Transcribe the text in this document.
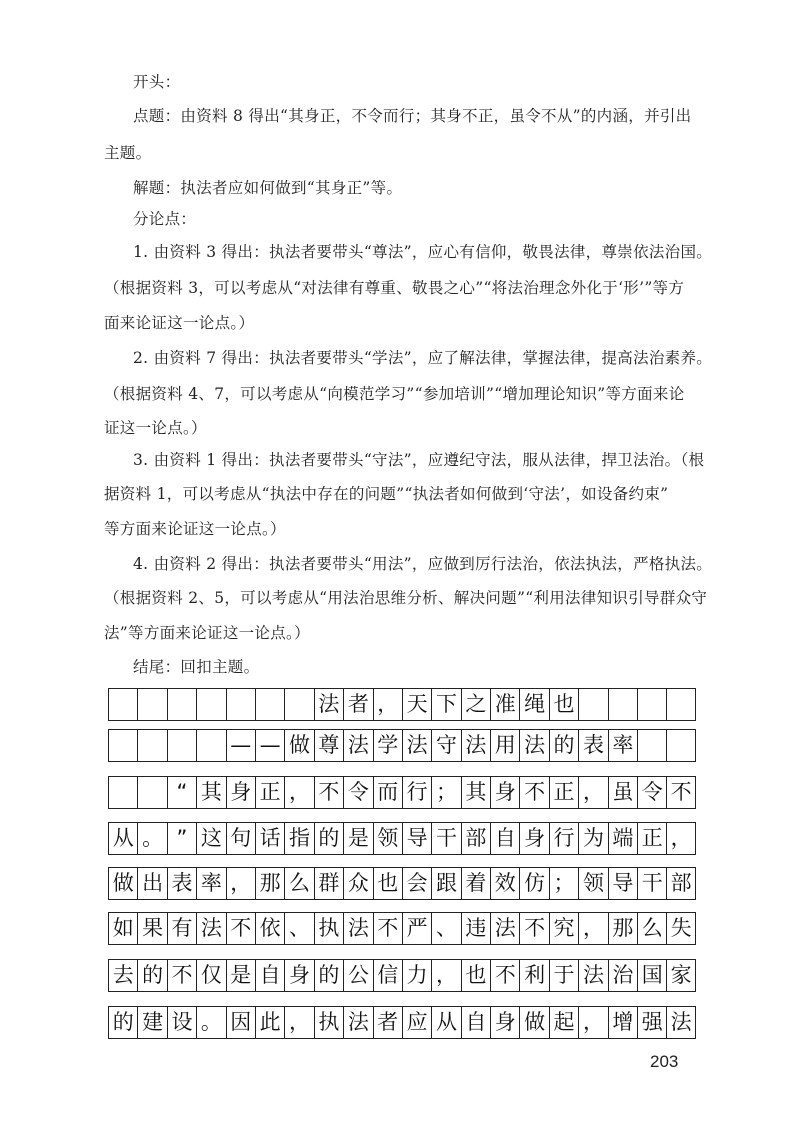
开头：
点题：由资料 8 得出“其身正，不令而行；其身不正，虽令不从”的内涵，并引出
主题。
解题：执法者应如何做到“其身正”等。
分论点：
1. 由资料 3 得出：执法者要带头“尊法”，应心有信仰，敬畏法律，尊崇依法治国。
（根据资料 3，可以考虑从“对法律有尊重、敬畏之心”“将法治理念外化于‘形’”等方
面来论证这一论点。）
2. 由资料 7 得出：执法者要带头“学法”，应了解法律，掌握法律，提高法治素养。
（根据资料 4、7，可以考虑从“向模范学习”“参加培训”“增加理论知识”等方面来论
证这一论点。）
3. 由资料 1 得出：执法者要带头“守法”，应遵纪守法，服从法律，捍卫法治。（根
据资料 1，可以考虑从“执法中存在的问题”“执法者如何做到‘守法’，如设备约束”
等方面来论证这一论点。）
4. 由资料 2 得出：执法者要带头“用法”，应做到厉行法治，依法执法，严格执法。
（根据资料 2、5，可以考虑从“用法治思维分析、解决问题”“利用法律知识引导群众守
法”等方面来论证这一论点。）
结尾：回扣主题。
法 者 ， 天 下 之 准 绳 也
— — 做 尊 法 学 法 守 法 用 法 的 表 率
“ 其 身 正 ， 不 令 而 行 ； 其 身 不 正 ， 虽 令 不
从 。 ” 这 句 话 指 的 是 领 导 干 部 自 身 行 为 端 正 ，
做 出 表 率 ， 那 么 群 众 也 会 跟 着 效 仿 ； 领 导 干 部
如 果 有 法 不 依 、 执 法 不 严 、 违 法 不 究 ， 那 么 失
去 的 不 仅 是 自 身 的 公 信 力 ， 也 不 利 于 法 治 国 家
的 建 设 。 因 此 ， 执 法 者 应 从 自 身 做 起 ， 增 强 法
203
